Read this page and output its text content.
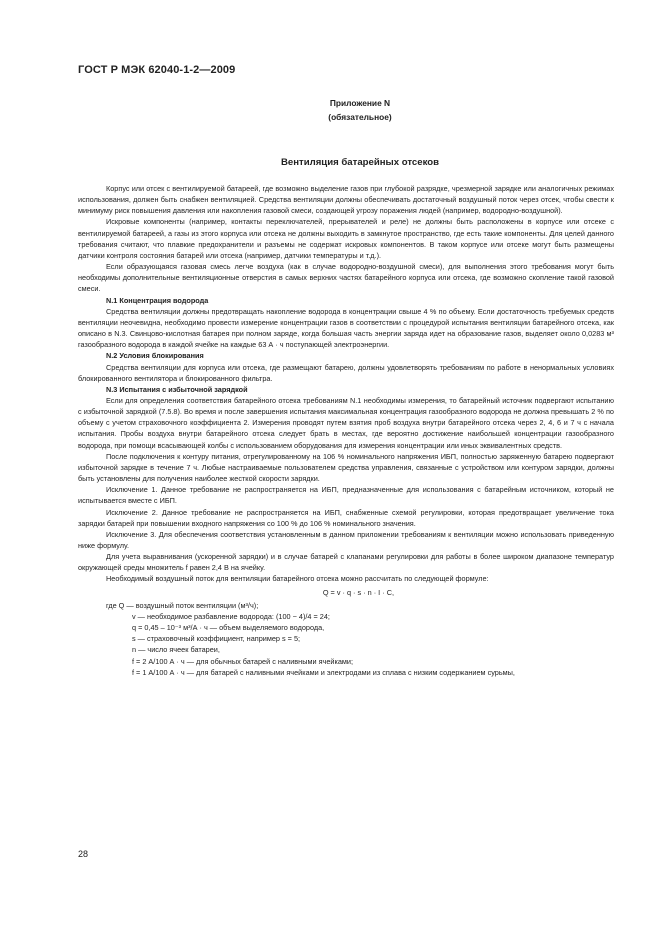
ГОСТ Р МЭК 62040-1-2—2009
Приложение N
(обязательное)
Вентиляция батарейных отсеков

Корпус или отсек с вентилируемой батареей, где возможно выделение газов при глубокой разрядке, чрезмерной зарядке или аналогичных режимах использования, должен быть снабжен вентиляцией. Средства вентиляции должны обеспечивать достаточный воздушный поток через отсек, чтобы свести к минимуму риск повышения давления или накопления газовой смеси, создающей угрозу поражения людей (например, водородно-воздушной).

Искровые компоненты (например, контакты переключателей, прерывателей и реле) не должны быть расположены в корпусе или отсеке с вентилируемой батареей, а газы из этого корпуса или отсека не должны выходить в замкнутое пространство, где есть такие компоненты. Для целей данного требования считают, что плавкие предохранители и разъемы не содержат искровых компонентов. В таком корпусе или отсеке могут быть размещены датчики контроля состояния батарей или отсека (например, датчики температуры и т.д.).

Если образующаяся газовая смесь легче воздуха (как в случае водородно-воздушной смеси), для выполнения этого требования могут быть необходимы дополнительные вентиляционные отверстия в самых верхних частях батарейного корпуса или отсека, где возможно скопление такой газовой смеси.

N.1 Концентрация водорода

Средства вентиляции должны предотвращать накопление водорода в концентрации свыше 4 % по объему. Если достаточность требуемых средств вентиляции неочевидна, необходимо провести измерение концентрации газов в соответствии с процедурой испытания вентиляции батарейного отсека, как описано в N.3. Свинцово-кислотная батарея при полном заряде, когда большая часть энергии заряда идет на образование газов, выделяет около 0,0283 м³ газообразного водорода в каждой ячейке на каждые 63 А · ч поступающей электроэнергии.

N.2 Условия блокирования

Средства вентиляции для корпуса или отсека, где размещают батарею, должны удовлетворять требованиям по работе в ненормальных условиях блокированного вентилятора и блокированного фильтра.

N.3 Испытания с избыточной зарядкой

Если для определения соответствия батарейного отсека требованиям N.1 необходимы измерения, то батарейный источник подвергают испытанию с избыточной зарядкой (7.5.8). Во время и после завершения испытания максимальная концентрация газообразного водорода не должна превышать 2 % по объему с учетом страховочного коэффициента 2. Измерения проводят путем взятия проб воздуха внутри батарейного отсека через 2, 4, 6 и 7 ч с начала испытания. Пробы воздуха внутри батарейного отсека следует брать в местах, где вероятно достижение наибольшей концентрации газообразного водорода, при помощи всасывающей колбы с использованием оборудования для измерения концентрации или иных эквивалентных средств.

После подключения к контуру питания, отрегулированному на 106 % номинального напряжения ИБП, полностью заряженную батарею подвергают избыточной зарядке в течение 7 ч. Любые настраиваемые пользователем средства управления, связанные с устройством или контуром зарядки, должны быть установлены для получения наиболее жесткой скорости зарядки.

Исключение 1. Данное требование не распространяется на ИБП, предназначенные для использования с батарейным источником, который не испытывается вместе с ИБП.

Исключение 2. Данное требование не распространяется на ИБП, снабженные схемой регулировки, которая предотвращает увеличение тока зарядки батарей при повышении входного напряжения со 100 % до 106 % номинального значения.

Исключение 3. Для обеспечения соответствия установленным в данном приложении требованиям к вентиляции можно использовать приведенную ниже формулу.

Для учета выравнивания (ускоренной зарядки) и в случае батарей с клапанами регулировки для работы в более широком диапазоне температур окружающей среды множитель f равен 2,4 В на ячейку.

Необходимый воздушный поток для вентиляции батарейного отсека можно рассчитать по следующей формуле:

Q = v · q · s · n · I · C,

где Q — воздушный поток вентиляции (м³/ч);

v — необходимое разбавление водорода: (100 − 4)/4 = 24;

q = 0,45 – 10⁻³ м³/А · ч — объем выделяемого водорода,

s — страховочный коэффициент, например s = 5;

n — число ячеек батареи,

f = 2 А/100 А · ч — для обычных батарей с наливными ячейками;

f = 1 А/100 А · ч — для батарей с наливными ячейками и электродами из сплава с низким содержанием сурьмы,

28
